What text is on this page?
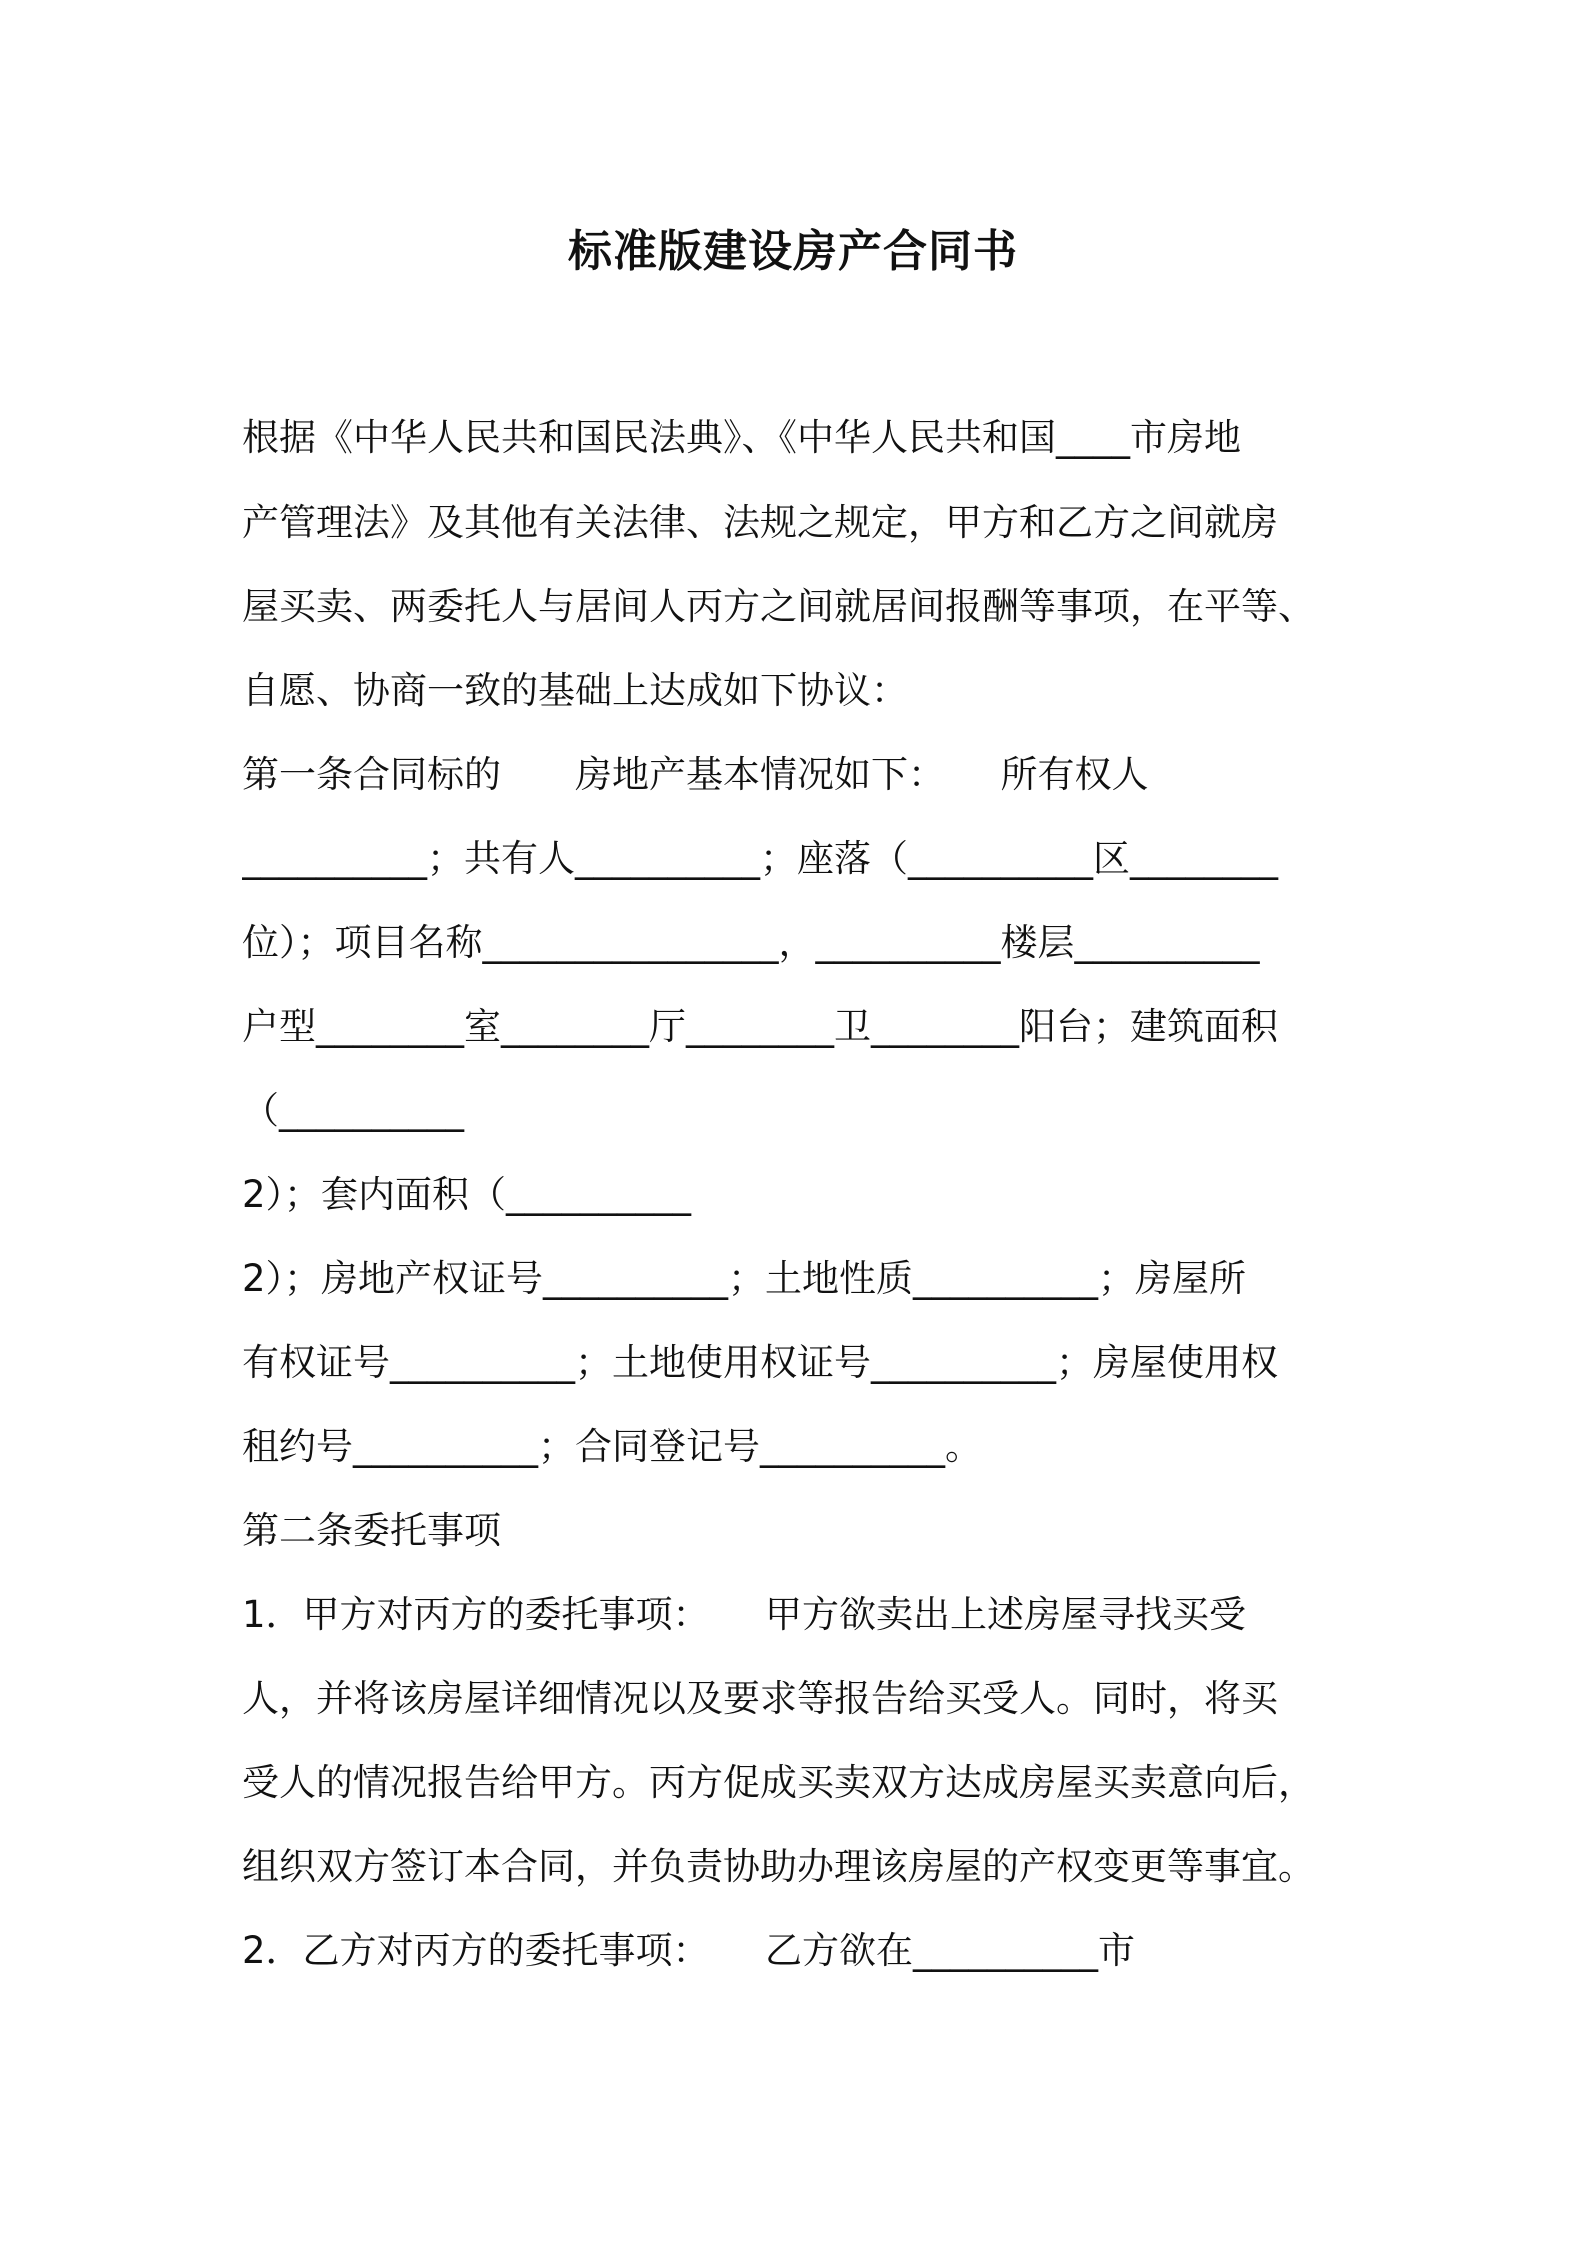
标准版建设房产合同书
根据《中华人民共和国民法典》、《中华人民共和国____市房地
产管理法》及其他有关法律、法规之规定，甲方和乙方之间就房
屋买卖、两委托人与居间人丙方之间就居间报酬等事项，在平等、
自愿、协商一致的基础上达成如下协议：
第一条合同标的　　房地产基本情况如下：　　所有权人
__________；共有人__________；座落（__________区________
位）；项目名称________________，__________楼层__________
户型________室________厅________卫________阳台；建筑面积
（__________
2）；套内面积（__________
2）；房地产权证号__________；土地性质__________；房屋所
有权证号__________；土地使用权证号__________；房屋使用权
租约号__________；合同登记号__________。
第二条委托事项
1．甲方对丙方的委托事项：　　甲方欲卖出上述房屋寻找买受
人，并将该房屋详细情况以及要求等报告给买受人。同时，将买
受人的情况报告给甲方。丙方促成买卖双方达成房屋买卖意向后，
组织双方签订本合同，并负责协助办理该房屋的产权变更等事宜。
2．乙方对丙方的委托事项：　　乙方欲在__________市
